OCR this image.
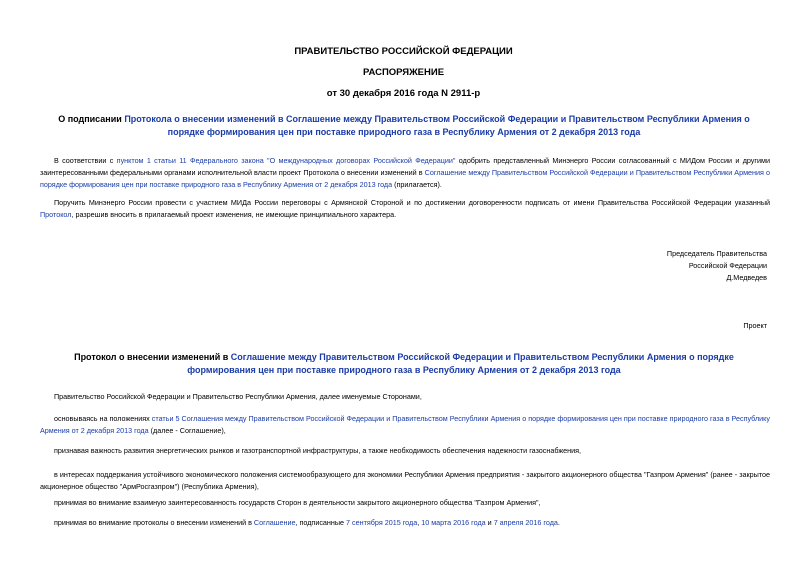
ПРАВИТЕЛЬСТВО РОССИЙСКОЙ ФЕДЕРАЦИИ
РАСПОРЯЖЕНИЕ
от 30 декабря 2016 года N 2911-р
О подписании Протокола о внесении изменений в Соглашение между Правительством Российской Федерации и Правительством Республики Армения о порядке формирования цен при поставке природного газа в Республику Армения от 2 декабря 2013 года
В соответствии с пунктом 1 статьи 11 Федерального закона "О международных договорах Российской Федерации" одобрить представленный Минэнерго России согласованный с МИДом России и другими заинтересованными федеральными органами исполнительной власти проект Протокола о внесении изменений в Соглашение между Правительством Российской Федерации и Правительством Республики Армения о порядке формирования цен при поставке природного газа в Республику Армения от 2 декабря 2013 года (прилагается).
Поручить Минэнерго России провести с участием МИДа России переговоры с Армянской Стороной и по достижении договоренности подписать от имени Правительства Российской Федерации указанный Протокол, разрешив вносить в прилагаемый проект изменения, не имеющие принципиального характера.
Председатель Правительства
Российской Федерации
Д.Медведев
Проект
Протокол о внесении изменений в Соглашение между Правительством Российской Федерации и Правительством Республики Армения о порядке формирования цен при поставке природного газа в Республику Армения от 2 декабря 2013 года
Правительство Российской Федерации и Правительство Республики Армения, далее именуемые Сторонами,
основываясь на положениях статьи 5 Соглашения между Правительством Российской Федерации и Правительством Республики Армения о порядке формирования цен при поставке природного газа в Республику Армения от 2 декабря 2013 года (далее - Соглашение),
признавая важность развития энергетических рынков и газотранспортной инфраструктуры, а также необходимость обеспечения надежности газоснабжения,
в интересах поддержания устойчивого экономического положения системообразующего для экономики Республики Армения предприятия - закрытого акционерного общества "Газпром Армения" (ранее - закрытое акционерное общество "АрмРосгазпром") (Республика Армения),
принимая во внимание взаимную заинтересованность государств Сторон в деятельности закрытого акционерного общества "Газпром Армения",
принимая во внимание протоколы о внесении изменений в Соглашение, подписанные 7 сентября 2015 года, 10 марта 2016 года и 7 апреля 2016 года.
